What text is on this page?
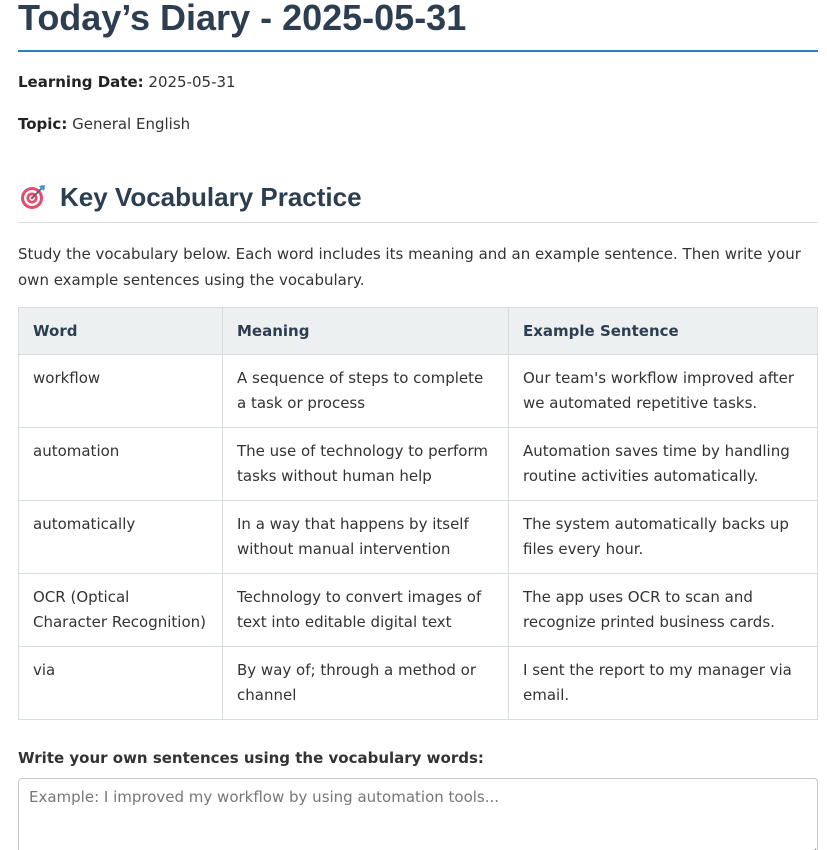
Today’s Diary - 2025-05-31

Learning Date: 2025-05-31

Topic: General English

Key Vocabulary Practice

Study the vocabulary below. Each word includes its meaning and an example sentence. Then write your own example sentences using the vocabulary.

Word	Meaning	Example Sentence
workflow	A sequence of steps to complete a task or process	Our team's workflow improved after we automated repetitive tasks.
automation	The use of technology to perform tasks without human help	Automation saves time by handling routine activities automatically.
automatically	In a way that happens by itself without manual intervention	The system automatically backs up files every hour.
OCR (Optical Character Recognition)	Technology to convert images of text into editable digital text	The app uses OCR to scan and recognize printed business cards.
via	By way of; through a method or channel	I sent the report to my manager via email.

Write your own sentences using the vocabulary words:

Example: I improved my workflow by using automation tools...
